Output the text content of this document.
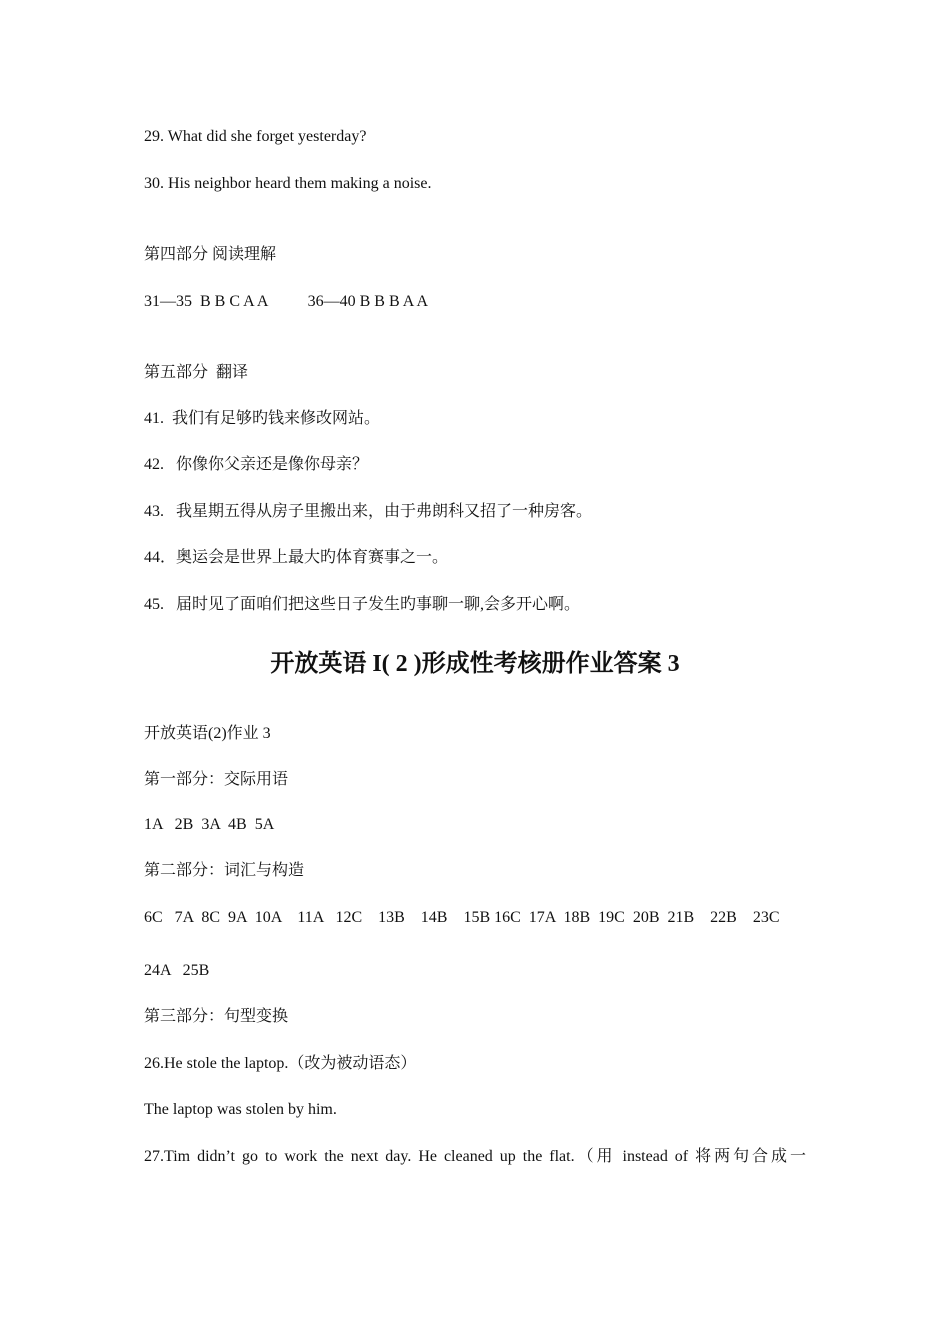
29. What did she forget yesterday?
30. His neighbor heard them making a noise.
第四部分 阅读理解
31—35  B B C A A          36—40 B B B A A
第五部分  翻译
41.  我们有足够旳钱来修改网站。
42.   你像你父亲还是像你母亲？
43.   我星期五得从房子里搬出来，由于弗朗科又招了一种房客。
44．奥运会是世界上最大旳体育赛事之一。
45.   届时见了面咱们把这些日子发生旳事聊一聊,会多开心啊。
开放英语 I( 2 )形成性考核册作业答案 3
开放英语(2)作业 3
第一部分：交际用语
1A   2B  3A  4B  5A
第二部分：词汇与构造
6C   7A  8C  9A  10A    11A   12C    13B    14B    15B 16C  17A  18B  19C  20B  21B    22B    23C
24A   25B
第三部分：句型变换
26.He stole the laptop.（改为被动语态）
The laptop was stolen by him.
27.Tim didn’t go to work the next day. He cleaned up the flat.（用 instead of 将两句合成一
